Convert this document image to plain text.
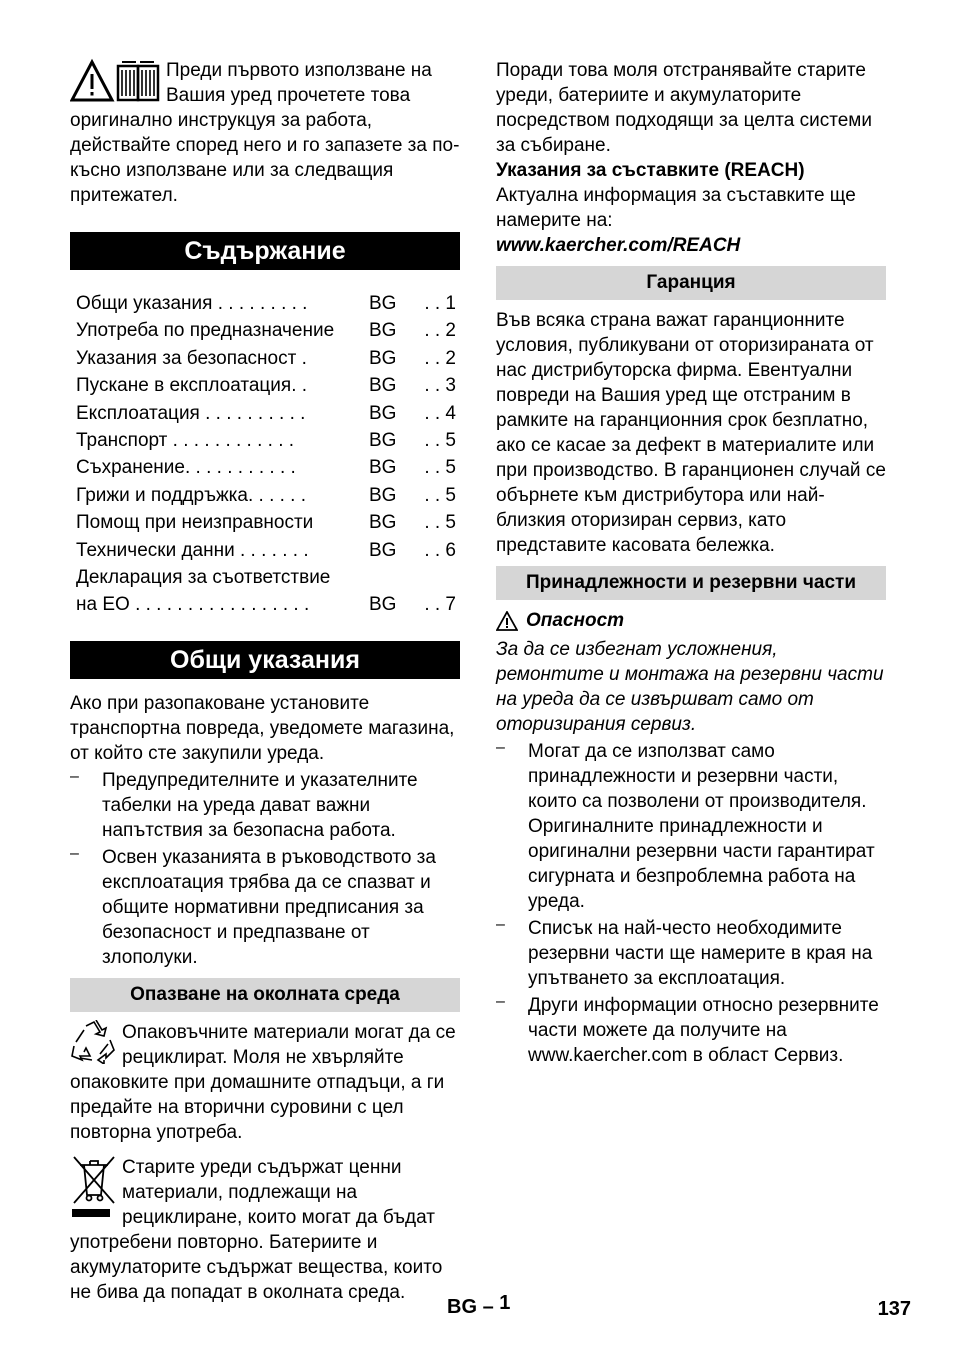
Преди първото използване на

Вашия уред прочетете това

оригинално инструкцуя за работа, действайте според него и го запазете за по-късно използване или за следващия притежател.

Съдържание
Общи указания . . . . . . . . .	BG	. . 1
Употреба по предназначение	BG	. . 2
Указания за безопасност .	BG	. . 2
Пускане в експлоатация. .	BG	. . 3
Експлоатация . . . . . . . . . .	BG	. . 4
Транспорт . . . . . . . . . . . .	BG	. . 5
Съхранение. . . . . . . . . . .	BG	. . 5
Грижи и поддръжка. . . . . .	BG	. . 5
Помощ при неизправности	BG	. . 5
Технически данни . . . . . . .	BG	. . 6
Декларация за съответствие		
на ЕО . . . . . . . . . . . . . . . . .	BG	. . 7
Общи указания

Ако при разопаковане установите транспортна повреда, уведомете магазина, от който сте закупили уреда.

–	Предупредителните и указателните табелки на уреда дават важни напътствия за безопасна работа.

–	Освен указанията в ръководството за експлоатация трябва да се спазват и общите нормативни предписания за безопасност и предпазване от злополуки.

Опазване на околната среда

Опаковъчните материали могат да се рециклират. Моля не хвърляйте опаковките при домашните отпадъци, а ги предайте на вторични суровини с цел повторна употреба.

Старите уреди съдържат ценни материали, подлежащи на рециклиране, които могат да бъдат употребени повторно. Батериите и акумулаторите съдържат вещества, които не бива да попадат в околната среда.

Поради това моля отстранявайте старите уреди, батериите и акумулаторите посредством подходящи за целта системи за събиране.

Указания за съставките (REACH)

Актуална информация за съставките ще намерите на:

www.kaercher.com/REACH

Гаранция

Във всяка страна важат гаранционните условия, публикувани от оторизираната от нас дистрибуторска фирма. Евентуални повреди на Вашия уред ще отстраним в рамките на гаранционния срок безплатно, ако се касае за дефект в материалите или при производство. В гаранционен случай се обърнете към дистрибутора или най-близкия оторизиран сервиз, като представите касовата бележка.

Принадлежности и резервни части

Опасност

За да се избегнат усложнения, ремонтите и монтажа на резервни части на уреда да се извършват само от оторизирания сервиз.

–	Могат да се използват само принадлежности и резервни части, които са позволени от производителя. Оригиналните принадлежности и оригинални резервни части гарантират сигурната и безпроблемна работа на уреда.

–	Списък на най-често необходимите резервни части ще намерите в края на упътването за експлоатация.

–	Други информации относно резервните части можете да получите на www.kaercher.com в област Сервиз.

BG – 1	137
